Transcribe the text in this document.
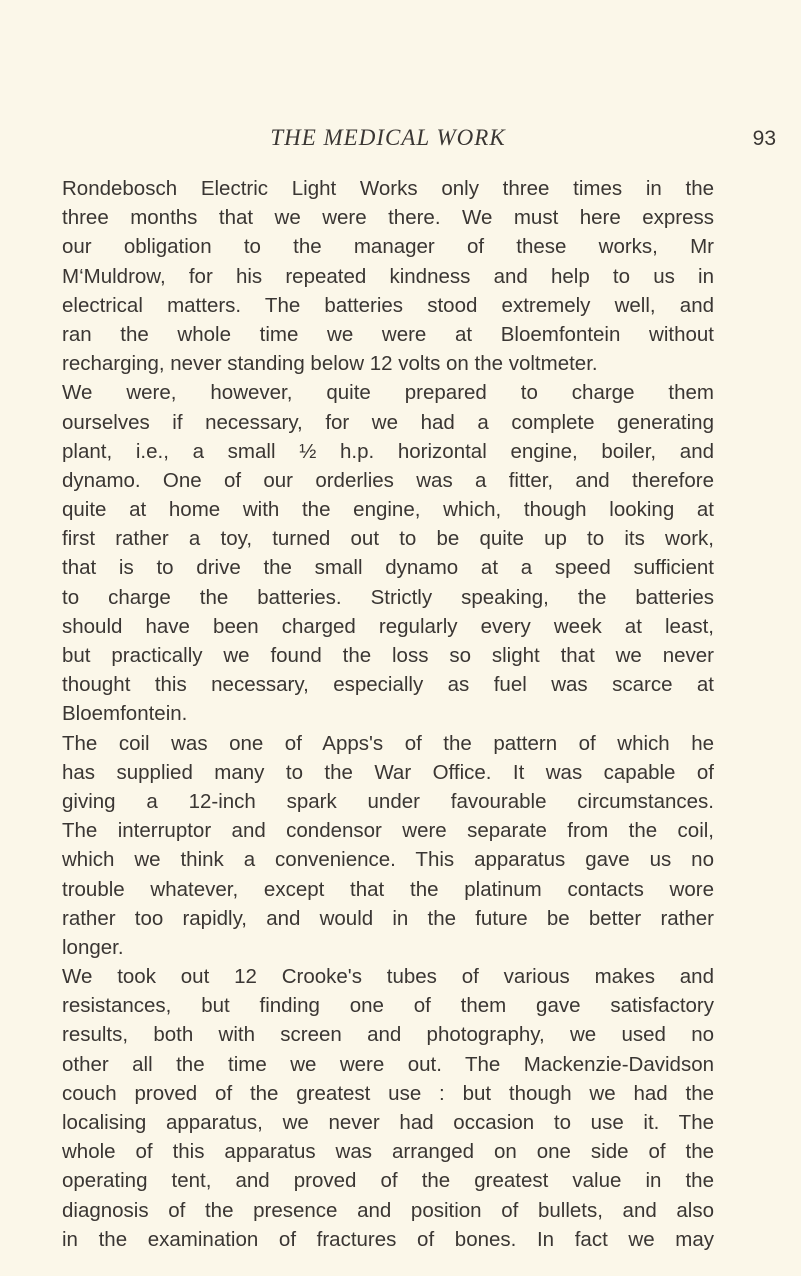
THE MEDICAL WORK	93
Rondebosch Electric Light Works only three times in the
three months that we were there. We must here express
our obligation to the manager of these works, Mr
M‘Muldrow, for his repeated kindness and help to us in
electrical matters. The batteries stood extremely well, and
ran the whole time we were at Bloemfontein without
recharging, never standing below 12 volts on the voltmeter.
We were, however, quite prepared to charge them
ourselves if necessary, for we had a complete generating
plant, i.e., a small ½ h.p. horizontal engine, boiler, and
dynamo. One of our orderlies was a fitter, and therefore
quite at home with the engine, which, though looking at
first rather a toy, turned out to be quite up to its work,
that is to drive the small dynamo at a speed sufficient
to charge the batteries. Strictly speaking, the batteries
should have been charged regularly every week at least,
but practically we found the loss so slight that we never
thought this necessary, especially as fuel was scarce at
Bloemfontein.
The coil was one of Apps's of the pattern of which he
has supplied many to the War Office. It was capable of
giving a 12-inch spark under favourable circumstances.
The interruptor and condensor were separate from the coil,
which we think a convenience. This apparatus gave us no
trouble whatever, except that the platinum contacts wore
rather too rapidly, and would in the future be better rather
longer.
We took out 12 Crooke's tubes of various makes and
resistances, but finding one of them gave satisfactory
results, both with screen and photography, we used no
other all the time we were out. The Mackenzie-Davidson
couch proved of the greatest use : but though we had the
localising apparatus, we never had occasion to use it. The
whole of this apparatus was arranged on one side of the
operating tent, and proved of the greatest value in the
diagnosis of the presence and position of bullets, and also
in the examination of fractures of bones. In fact we may
